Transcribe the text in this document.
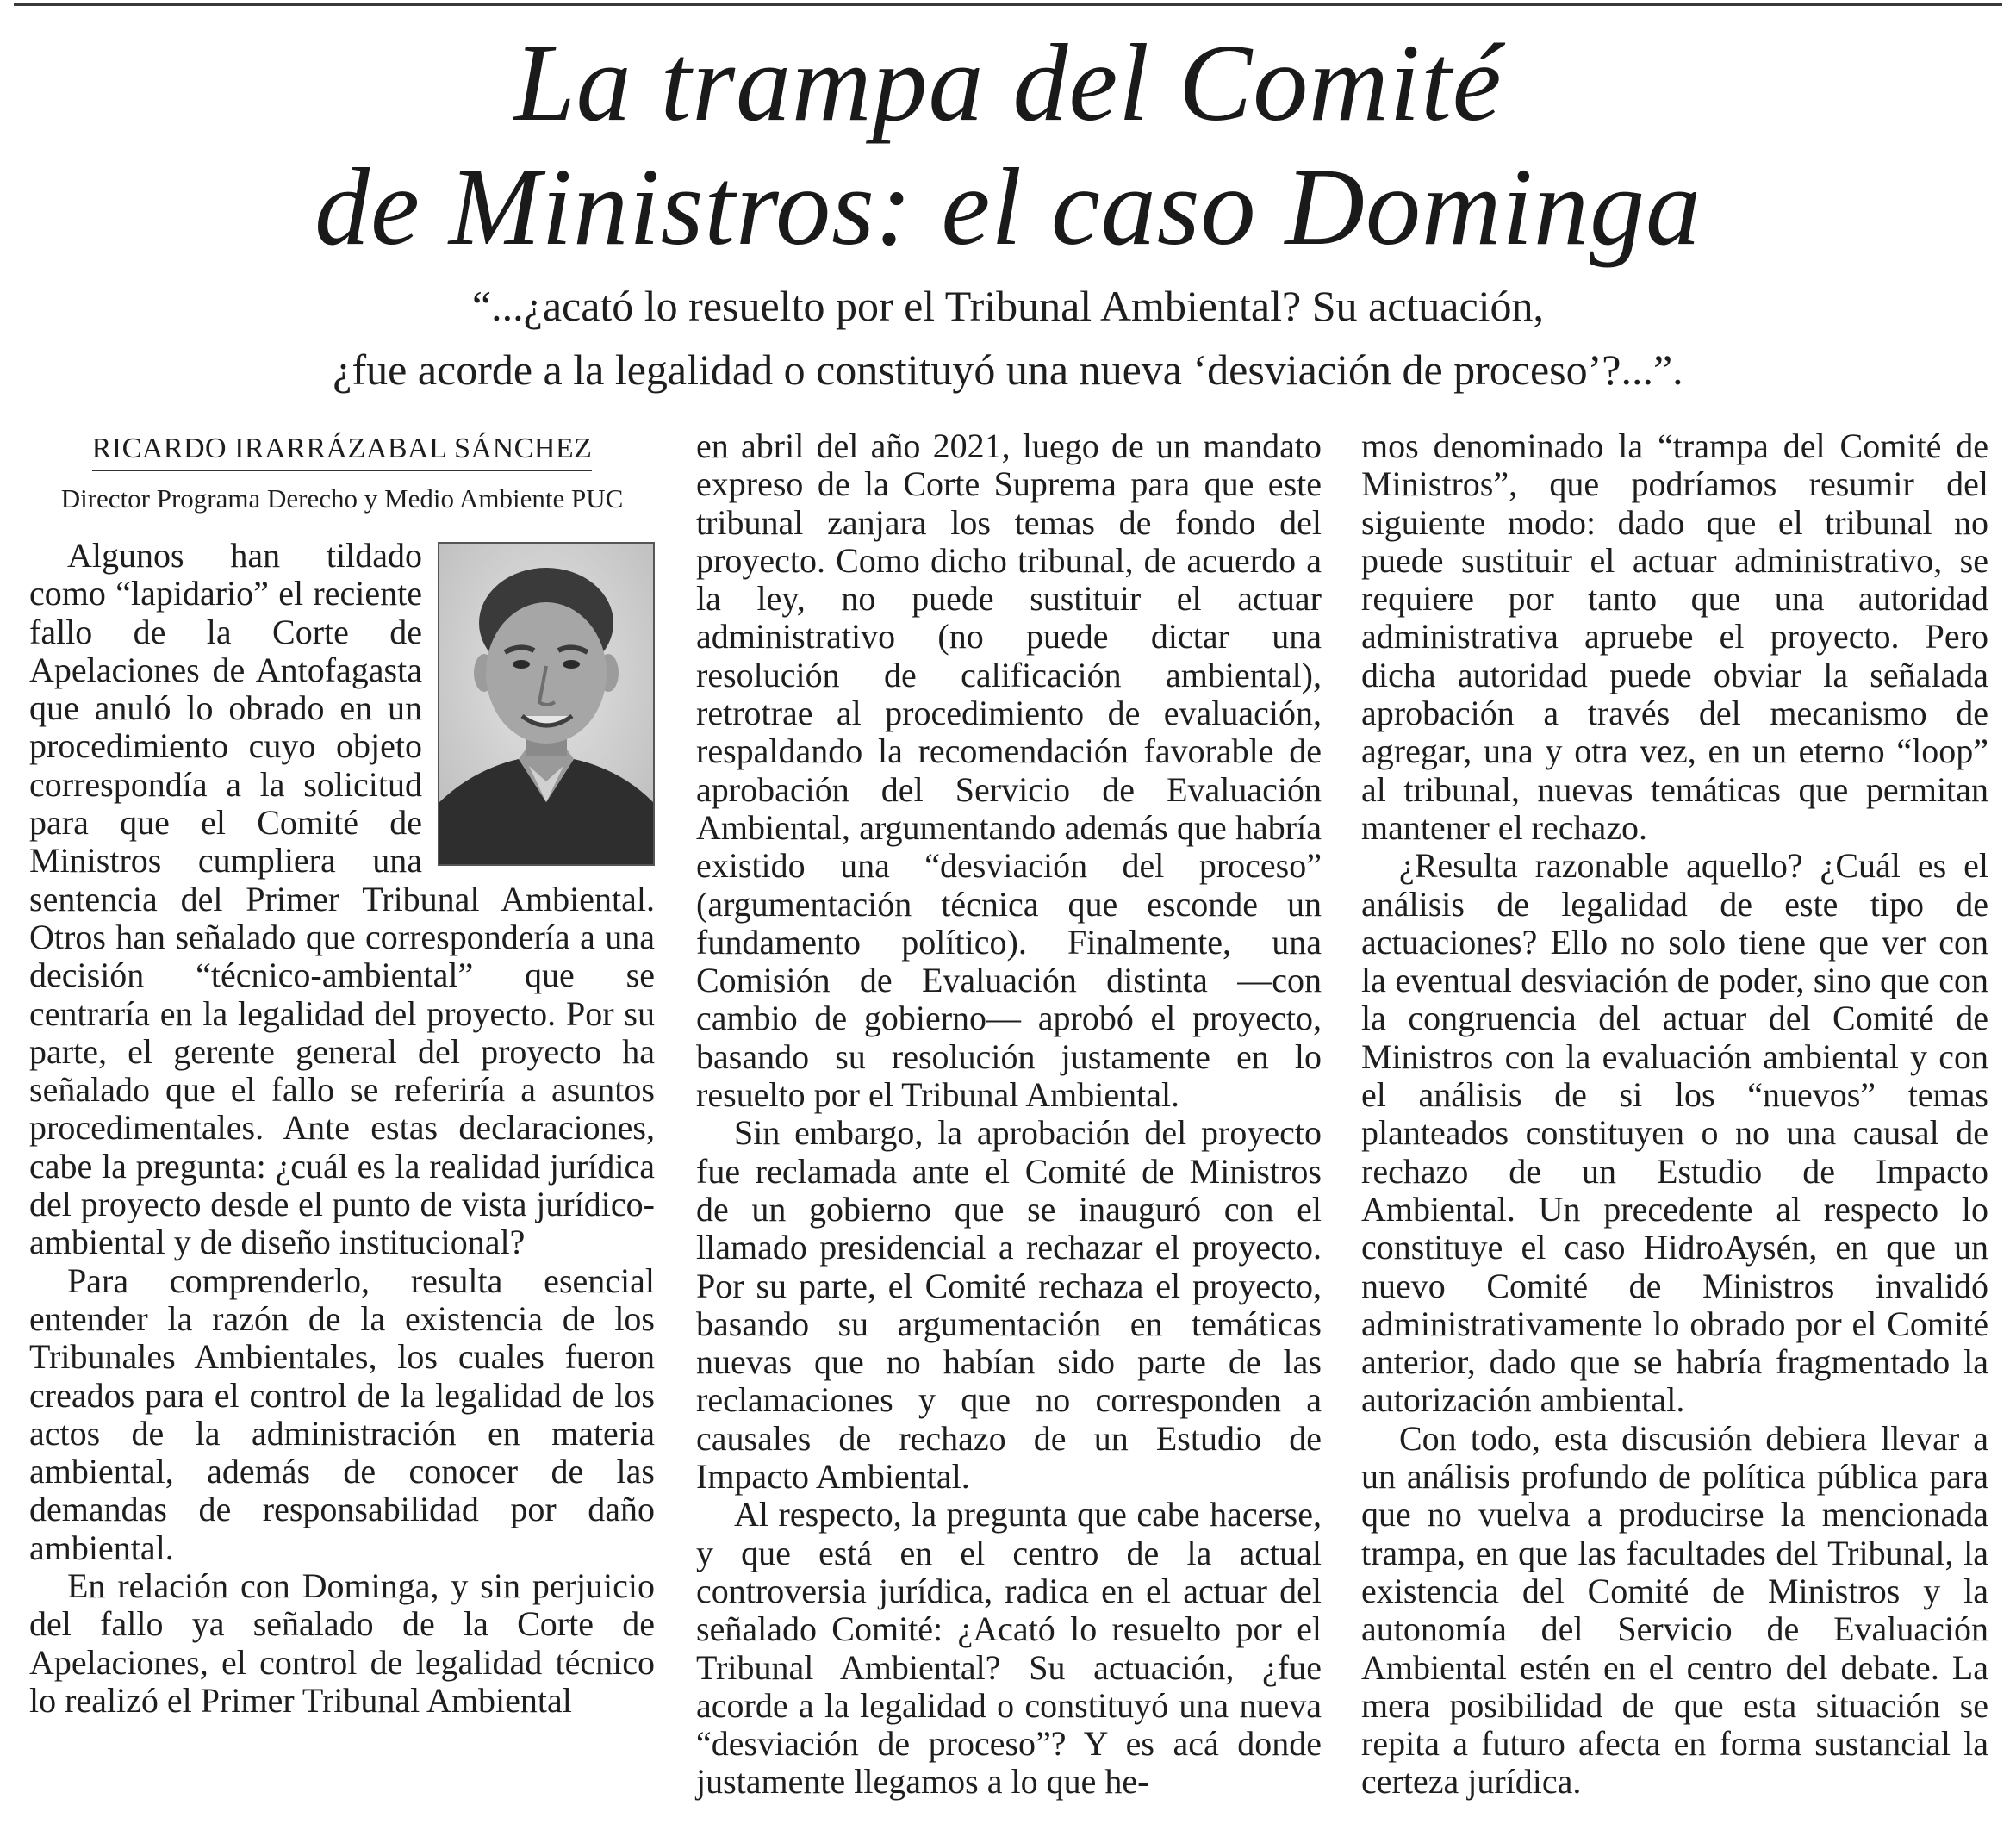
La trampa del Comité
de Ministros: el caso Dominga
“...¿acató lo resuelto por el Tribunal Ambiental? Su actuación,
¿fue acorde a la legalidad o constituyó una nueva ‘desviación de proceso’?...”.
RICARDO IRARRÁZABAL SÁNCHEZ
Director Programa Derecho y Medio Ambiente PUC

Algunos han tildado como “lapidario” el reciente fallo de la Corte de Apelaciones de Antofagasta que anuló lo obrado en un procedimiento cuyo objeto correspondía a la solicitud para que el Comité de Ministros cumpliera una sentencia del Primer Tribunal Ambiental. Otros han señalado que correspondería a una decisión “técnico-ambiental” que se centraría en la legalidad del proyecto. Por su parte, el gerente general del proyecto ha señalado que el fallo se referiría a asuntos procedimentales. Ante estas declaraciones, cabe la pregunta: ¿cuál es la realidad jurídica del proyecto desde el punto de vista jurídico-ambiental y de diseño institucional?

Para comprenderlo, resulta esencial entender la razón de la existencia de los Tribunales Ambientales, los cuales fueron creados para el control de la legalidad de los actos de la administración en materia ambiental, además de conocer de las demandas de responsabilidad por daño ambiental.

En relación con Dominga, y sin perjuicio del fallo ya señalado de la Corte de Apelaciones, el control de legalidad técnico lo realizó el Primer Tribunal Ambiental

en abril del año 2021, luego de un mandato expreso de la Corte Suprema para que este tribunal zanjara los temas de fondo del proyecto. Como dicho tribunal, de acuerdo a la ley, no puede sustituir el actuar administrativo (no puede dictar una resolución de calificación ambiental), retrotrae al procedimiento de evaluación, respaldando la recomendación favorable de aprobación del Servicio de Evaluación Ambiental, argumentando además que habría existido una “desviación del proceso” (argumentación técnica que esconde un fundamento político). Finalmente, una Comisión de Evaluación distinta —con cambio de gobierno— aprobó el proyecto, basando su resolución justamente en lo resuelto por el Tribunal Ambiental.

Sin embargo, la aprobación del proyecto fue reclamada ante el Comité de Ministros de un gobierno que se inauguró con el llamado presidencial a rechazar el proyecto. Por su parte, el Comité rechaza el proyecto, basando su argumentación en temáticas nuevas que no habían sido parte de las reclamaciones y que no corresponden a causales de rechazo de un Estudio de Impacto Ambiental.

Al respecto, la pregunta que cabe hacerse, y que está en el centro de la actual controversia jurídica, radica en el actuar del señalado Comité: ¿Acató lo resuelto por el Tribunal Ambiental? Su actuación, ¿fue acorde a la legalidad o constituyó una nueva “desviación de proceso”? Y es acá donde justamente llegamos a lo que he-

mos denominado la “trampa del Comité de Ministros”, que podríamos resumir del siguiente modo: dado que el tribunal no puede sustituir el actuar administrativo, se requiere por tanto que una autoridad administrativa apruebe el proyecto. Pero dicha autoridad puede obviar la señalada aprobación a través del mecanismo de agregar, una y otra vez, en un eterno “loop” al tribunal, nuevas temáticas que permitan mantener el rechazo.

¿Resulta razonable aquello? ¿Cuál es el análisis de legalidad de este tipo de actuaciones? Ello no solo tiene que ver con la eventual desviación de poder, sino que con la congruencia del actuar del Comité de Ministros con la evaluación ambiental y con el análisis de si los “nuevos” temas planteados constituyen o no una causal de rechazo de un Estudio de Impacto Ambiental. Un precedente al respecto lo constituye el caso HidroAysén, en que un nuevo Comité de Ministros invalidó administrativamente lo obrado por el Comité anterior, dado que se habría fragmentado la autorización ambiental.

Con todo, esta discusión debiera llevar a un análisis profundo de política pública para que no vuelva a producirse la mencionada trampa, en que las facultades del Tribunal, la existencia del Comité de Ministros y la autonomía del Servicio de Evaluación Ambiental estén en el centro del debate. La mera posibilidad de que esta situación se repita a futuro afecta en forma sustancial la certeza jurídica.
